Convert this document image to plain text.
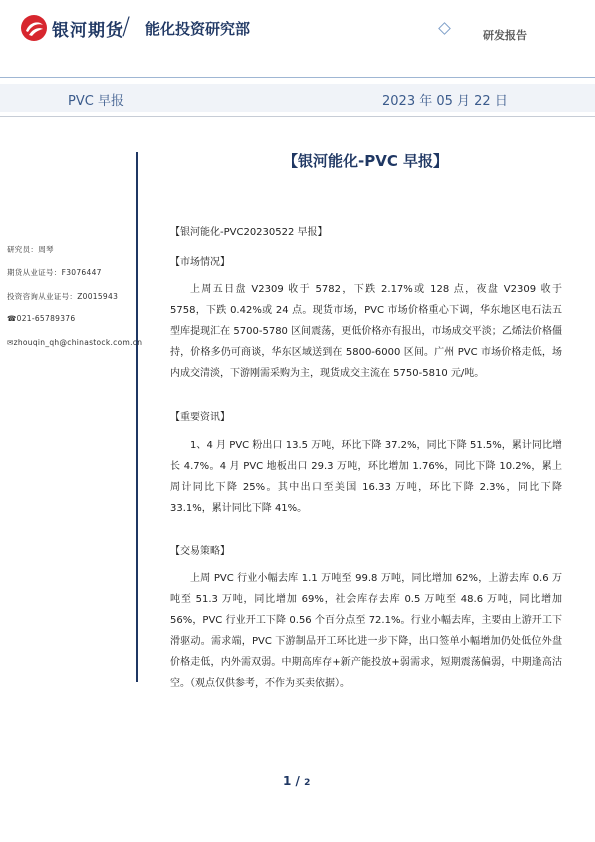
银河期货
/ 能化投资研究部	研发报告
PVC 早报	2023 年 05 月 22 日
研究员：周琴
期货从业证号：F3076447
投资咨询从业证号：Z0015943
☎021-65789376
✉zhouqin_qh@chinastock.com.cn
【银河能化-PVC 早报】
【银河能化-PVC20230522 早报】
【市场情况】

上周五日盘 V2309 收于 5782，下跌 2.17%或 128 点，夜盘 V2309 收于 5758，下跌 0.42%或 24 点。现货市场，PVC 市场价格重心下调，华东地区电石法五型库提现汇在 5700-5780 区间震荡，更低价格亦有报出，市场成交平淡；乙烯法价格僵持，价格多仍可商谈，华东区域送到在 5800-6000 区间。广州 PVC 市场价格走低，场内成交清淡，下游刚需采购为主，现货成交主流在 5750-5810 元/吨。

【重要资讯】

1、4 月 PVC 粉出口 13.5 万吨，环比下降 37.2%，同比下降 51.5%，累计同比增长 4.7%。4 月 PVC 地板出口 29.3 万吨，环比增加 1.76%，同比下降 10.2%，累上周计同比下降 25%。其中出口至美国 16.33 万吨，环比下降 2.3%，同比下降 33.1%，累计同比下降 41%。

【交易策略】

上周 PVC 行业小幅去库 1.1 万吨至 99.8 万吨，同比增加 62%，上游去库 0.6 万吨至 51.3 万吨，同比增加 69%，社会库存去库 0.5 万吨至 48.6 万吨，同比增加 56%，PVC 行业开工下降 0.56 个百分点至 72.1%。行业小幅去库，主要由上游开工下滑驱动。需求端，PVC 下游制品开工环比进一步下降，出口签单小幅增加仍处低位外盘价格走低，内外需双弱。中期高库存+新产能投放+弱需求，短期震荡偏弱，中期逢高沽空。（观点仅供参考，不作为买卖依据）。

1 / 2
